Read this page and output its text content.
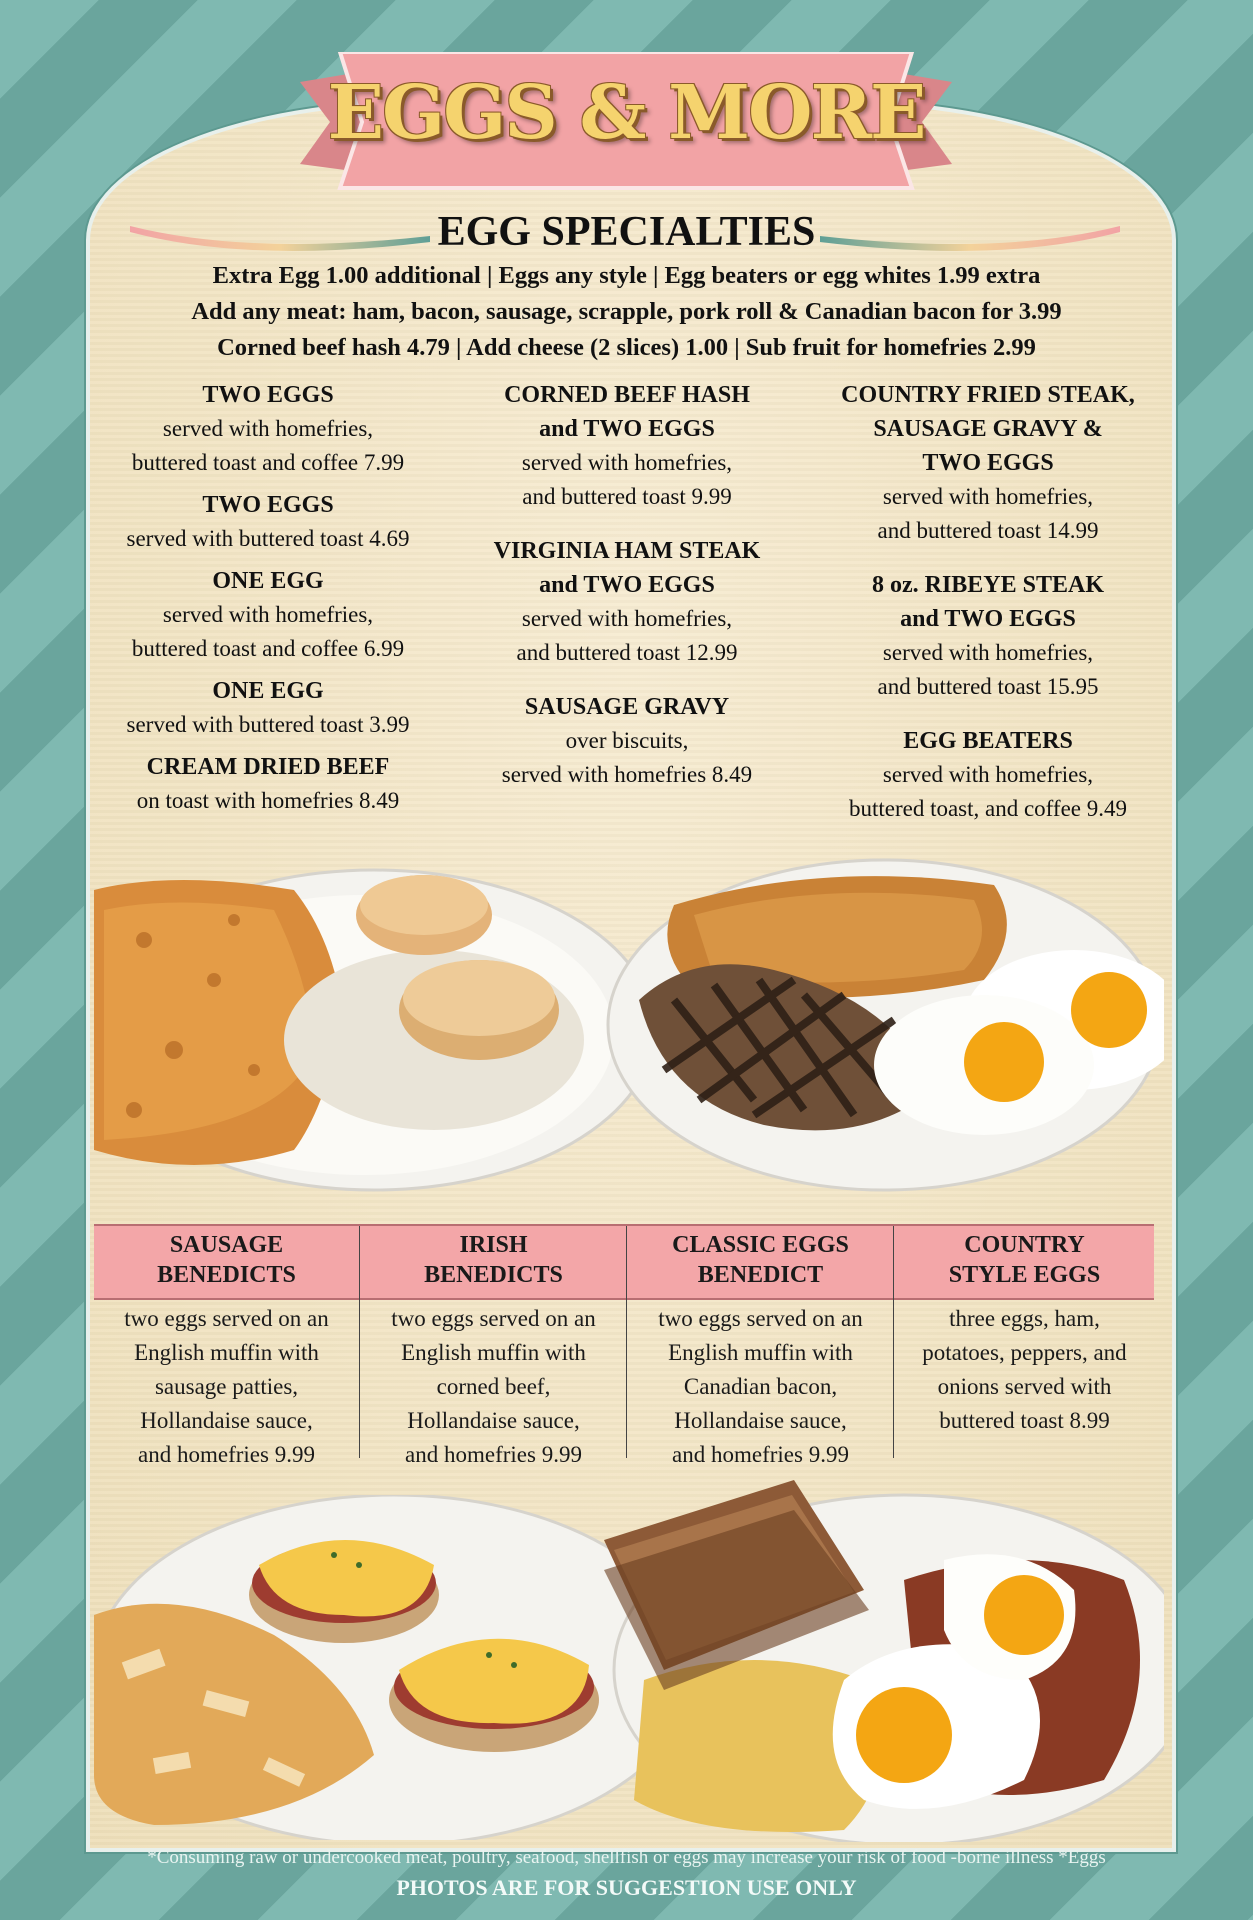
EGGS & MORE
EGG SPECIALTIES
Extra Egg 1.00 additional | Eggs any style | Egg beaters or egg whites 1.99 extra
Add any meat: ham, bacon, sausage, scrapple, pork roll & Canadian bacon for 3.99
Corned beef hash 4.79 | Add cheese (2 slices) 1.00 | Sub fruit for homefries 2.99
TWO EGGS
served with homefries,
buttered toast and coffee 7.99
TWO EGGS
served with buttered toast 4.69
ONE EGG
served with homefries,
buttered toast and coffee 6.99
ONE EGG
served with buttered toast 3.99
CREAM DRIED BEEF
on toast with homefries 8.49
CORNED BEEF HASH
and TWO EGGS
served with homefries,
and buttered toast 9.99
VIRGINIA HAM STEAK
and TWO EGGS
served with homefries,
and buttered toast 12.99
SAUSAGE GRAVY
over biscuits,
served with homefries 8.49
COUNTRY FRIED STEAK,
SAUSAGE GRAVY &
TWO EGGS
served with homefries,
and buttered toast 14.99
8 oz. RIBEYE STEAK
and TWO EGGS
served with homefries,
and buttered toast 15.95
EGG BEATERS
served with homefries,
buttered toast, and coffee 9.49
SAUSAGE
BENEDICTS
two eggs served on an
English muffin with
sausage patties,
Hollandaise sauce,
and homefries 9.99
IRISH
BENEDICTS
two eggs served on an
English muffin with
corned beef,
Hollandaise sauce,
and homefries 9.99
CLASSIC EGGS
BENEDICT
two eggs served on an
English muffin with
Canadian bacon,
Hollandaise sauce,
and homefries 9.99
COUNTRY
STYLE EGGS
three eggs, ham,
potatoes, peppers, and
onions served with
buttered toast 8.99
*Consuming raw or undercooked meat, poultry, seafood, shellfish or eggs may increase your risk of food -borne illness *Eggs
PHOTOS ARE FOR SUGGESTION USE ONLY
